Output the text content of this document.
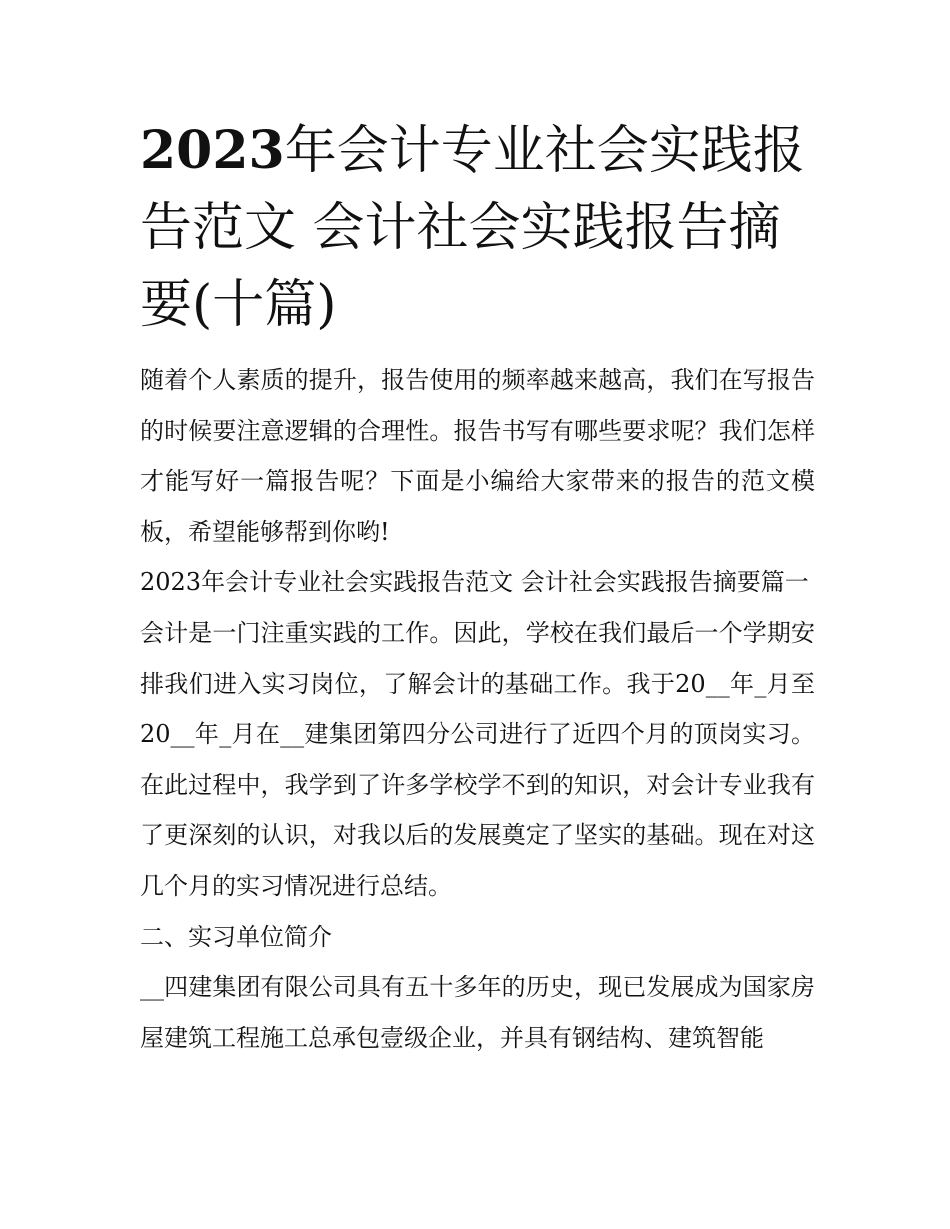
2023年会计专业社会实践报告范文 会计社会实践报告摘要(十篇)

随着个人素质的提升，报告使用的频率越来越高，我们在写报告的时候要注意逻辑的合理性。报告书写有哪些要求呢？我们怎样才能写好一篇报告呢？下面是小编给大家带来的报告的范文模板，希望能够帮到你哟!

2023年会计专业社会实践报告范文 会计社会实践报告摘要篇一

会计是一门注重实践的工作。因此，学校在我们最后一个学期安排我们进入实习岗位，了解会计的基础工作。我于20__年_月至20__年_月在__建集团第四分公司进行了近四个月的顶岗实习。在此过程中，我学到了许多学校学不到的知识，对会计专业我有了更深刻的认识，对我以后的发展奠定了坚实的基础。现在对这几个月的实习情况进行总结。

二、实习单位简介

__四建集团有限公司具有五十多年的历史，现已发展成为国家房屋建筑工程施工总承包壹级企业，并具有钢结构、建筑智能
